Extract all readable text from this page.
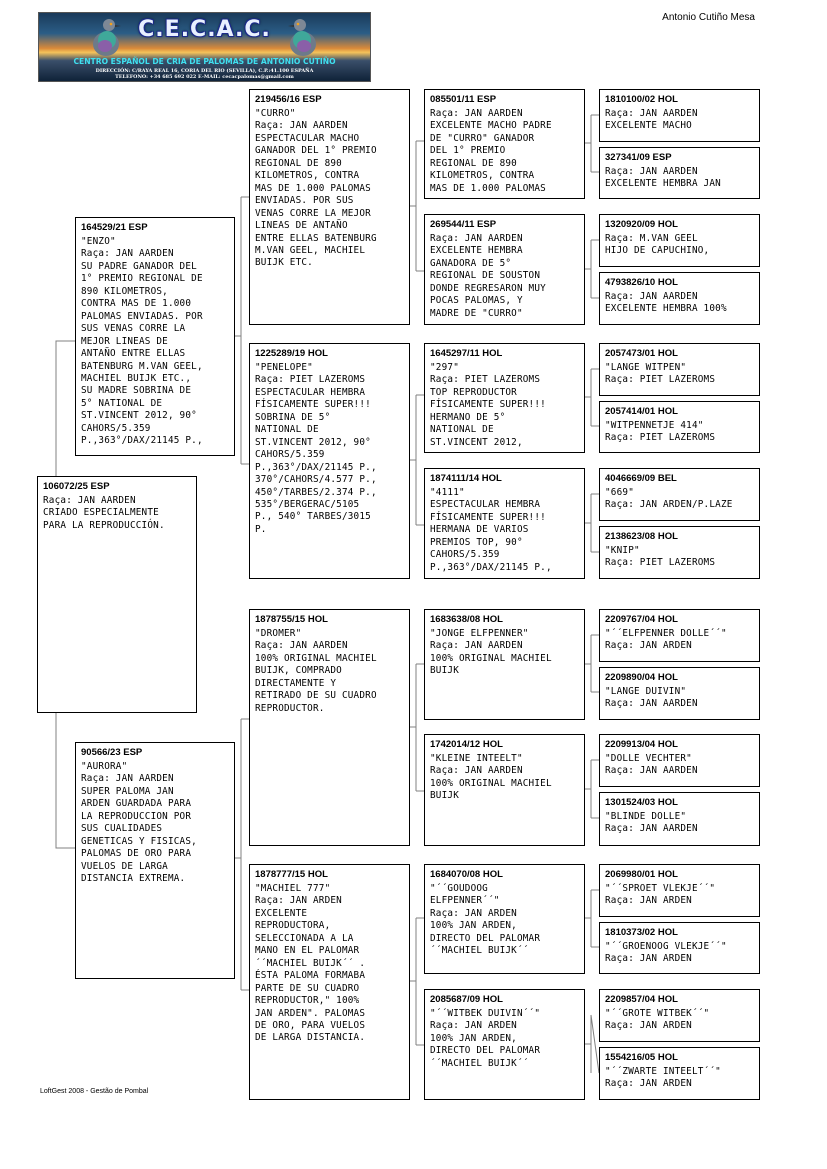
C.E.C.A.C.
CENTRO ESPAÑOL DE CRIA DE PALOMAS DE ANTONIO CUTIÑO
DIRECCIÓN: C/RAYA REAL 16, CORIA DEL RIO (SEVILLA), C.P.:41.100 ESPAÑA
TELEFONO: +34 685 692 022 E-MAIL: cecacpalomas@gmail.com
Antonio Cutiño Mesa
106072/25 ESP
Raça: JAN AARDEN
CRIADO ESPECIALMENTE
PARA LA REPRODUCCIÓN.
164529/21 ESP
"ENZO"
Raça: JAN AARDEN
SU PADRE GANADOR DEL
1° PREMIO REGIONAL DE
890 KILOMETROS,
CONTRA MAS DE 1.000
PALOMAS ENVIADAS. POR
SUS VENAS CORRE LA
MEJOR LINEAS DE
ANTAÑO ENTRE ELLAS
BATENBURG M.VAN GEEL,
MACHIEL BUIJK ETC.,
SU MADRE SOBRINA DE
5° NATIONAL DE
ST.VINCENT 2012, 90°
CAHORS/5.359
P.,363°/DAX/21145 P.,
90566/23 ESP
"AURORA"
Raça: JAN AARDEN
SUPER PALOMA JAN
ARDEN GUARDADA PARA
LA REPRODUCCION POR
SUS CUALIDADES
GENETICAS Y FISICAS,
PALOMAS DE ORO PARA
VUELOS DE LARGA
DISTANCIA EXTREMA.
219456/16 ESP
"CURRO"
Raça: JAN AARDEN
ESPECTACULAR MACHO
GANADOR DEL 1° PREMIO
REGIONAL DE 890
KILOMETROS, CONTRA
MAS DE 1.000 PALOMAS
ENVIADAS. POR SUS
VENAS CORRE LA MEJOR
LINEAS DE ANTAÑO
ENTRE ELLAS BATENBURG
M.VAN GEEL, MACHIEL
BUIJK ETC.
1225289/19 HOL
"PENELOPE"
Raça: PIET LAZEROMS
ESPECTACULAR HEMBRA
FÍSICAMENTE SUPER!!!
SOBRINA DE 5°
NATIONAL DE
ST.VINCENT 2012, 90°
CAHORS/5.359
P.,363°/DAX/21145 P.,
370°/CAHORS/4.577 P.,
450°/TARBES/2.374 P.,
535°/BERGERAC/5105
P., 540° TARBES/3015
P.
1878755/15 HOL
"DROMER"
Raça: JAN AARDEN
100% ORIGINAL MACHIEL
BUIJK, COMPRADO
DIRECTAMENTE Y
RETIRADO DE SU CUADRO
REPRODUCTOR.
1878777/15 HOL
"MACHIEL 777"
Raça: JAN ARDEN
EXCELENTE
REPRODUCTORA,
SELECCIONADA A LA
MANO EN EL PALOMAR
´´MACHIEL BUIJK´´ .
ÉSTA PALOMA FORMABA
PARTE DE SU CUADRO
REPRODUCTOR," 100%
JAN ARDEN". PALOMAS
DE ORO, PARA VUELOS
DE LARGA DISTANCIA.
085501/11 ESP
Raça: JAN AARDEN
EXCELENTE MACHO PADRE
DE "CURRO" GANADOR
DEL 1° PREMIO
REGIONAL DE 890
KILOMETROS, CONTRA
MAS DE 1.000 PALOMAS
269544/11 ESP
Raça: JAN AARDEN
EXCELENTE HEMBRA
GANADORA DE 5°
REGIONAL DE SOUSTON
DONDE REGRESARON MUY
POCAS PALOMAS, Y
MADRE DE "CURRO"
1645297/11 HOL
"297"
Raça: PIET LAZEROMS
TOP REPRODUCTOR
FÍSICAMENTE SUPER!!!
HERMANO DE 5°
NATIONAL DE
ST.VINCENT 2012,
1874111/14 HOL
"4111"
ESPECTACULAR HEMBRA
FÍSICAMENTE SUPER!!!
HERMANA DE VARIOS
PREMIOS TOP, 90°
CAHORS/5.359
P.,363°/DAX/21145 P.,
1683638/08 HOL
"JONGE ELFPENNER"
Raça: JAN AARDEN
100% ORIGINAL MACHIEL
BUIJK
1742014/12 HOL
"KLEINE INTEELT"
Raça: JAN AARDEN
100% ORIGINAL MACHIEL
BUIJK
1684070/08 HOL
"´´GOUDOOG
ELFPENNER´´"
Raça: JAN ARDEN
100% JAN ARDEN,
DIRECTO DEL PALOMAR
´´MACHIEL BUIJK´´
2085687/09 HOL
"´´WITBEK DUIVIN´´"
Raça: JAN ARDEN
100% JAN ARDEN,
DIRECTO DEL PALOMAR
´´MACHIEL BUIJK´´
1810100/02 HOL
Raça: JAN AARDEN
EXCELENTE MACHO
327341/09 ESP
Raça: JAN AARDEN
EXCELENTE HEMBRA JAN
1320920/09 HOL
Raça: M.VAN GEEL
HIJO DE CAPUCHINO,
4793826/10 HOL
Raça: JAN AARDEN
EXCELENTE HEMBRA 100%
2057473/01 HOL
"LANGE WITPEN"
Raça: PIET LAZEROMS
2057414/01 HOL
"WITPENNETJE 414"
Raça: PIET LAZEROMS
4046669/09 BEL
"669"
Raça: JAN ARDEN/P.LAZE
2138623/08 HOL
"KNIP"
Raça: PIET LAZEROMS
2209767/04 HOL
"´´ELFPENNER DOLLE´´"
Raça: JAN ARDEN
2209890/04 HOL
"LANGE DUIVIN"
Raça: JAN AARDEN
2209913/04 HOL
"DOLLE VECHTER"
Raça: JAN AARDEN
1301524/03 HOL
"BLINDE DOLLE"
Raça: JAN AARDEN
2069980/01 HOL
"´´SPROET VLEKJE´´"
Raça: JAN ARDEN
1810373/02 HOL
"´´GROENOOG VLEKJE´´"
Raça: JAN ARDEN
2209857/04 HOL
"´´GROTE WITBEK´´"
Raça: JAN ARDEN
1554216/05 HOL
"´´ZWARTE INTEELT´´"
Raça: JAN ARDEN
LoftGest 2008 - Gestão de Pombal
